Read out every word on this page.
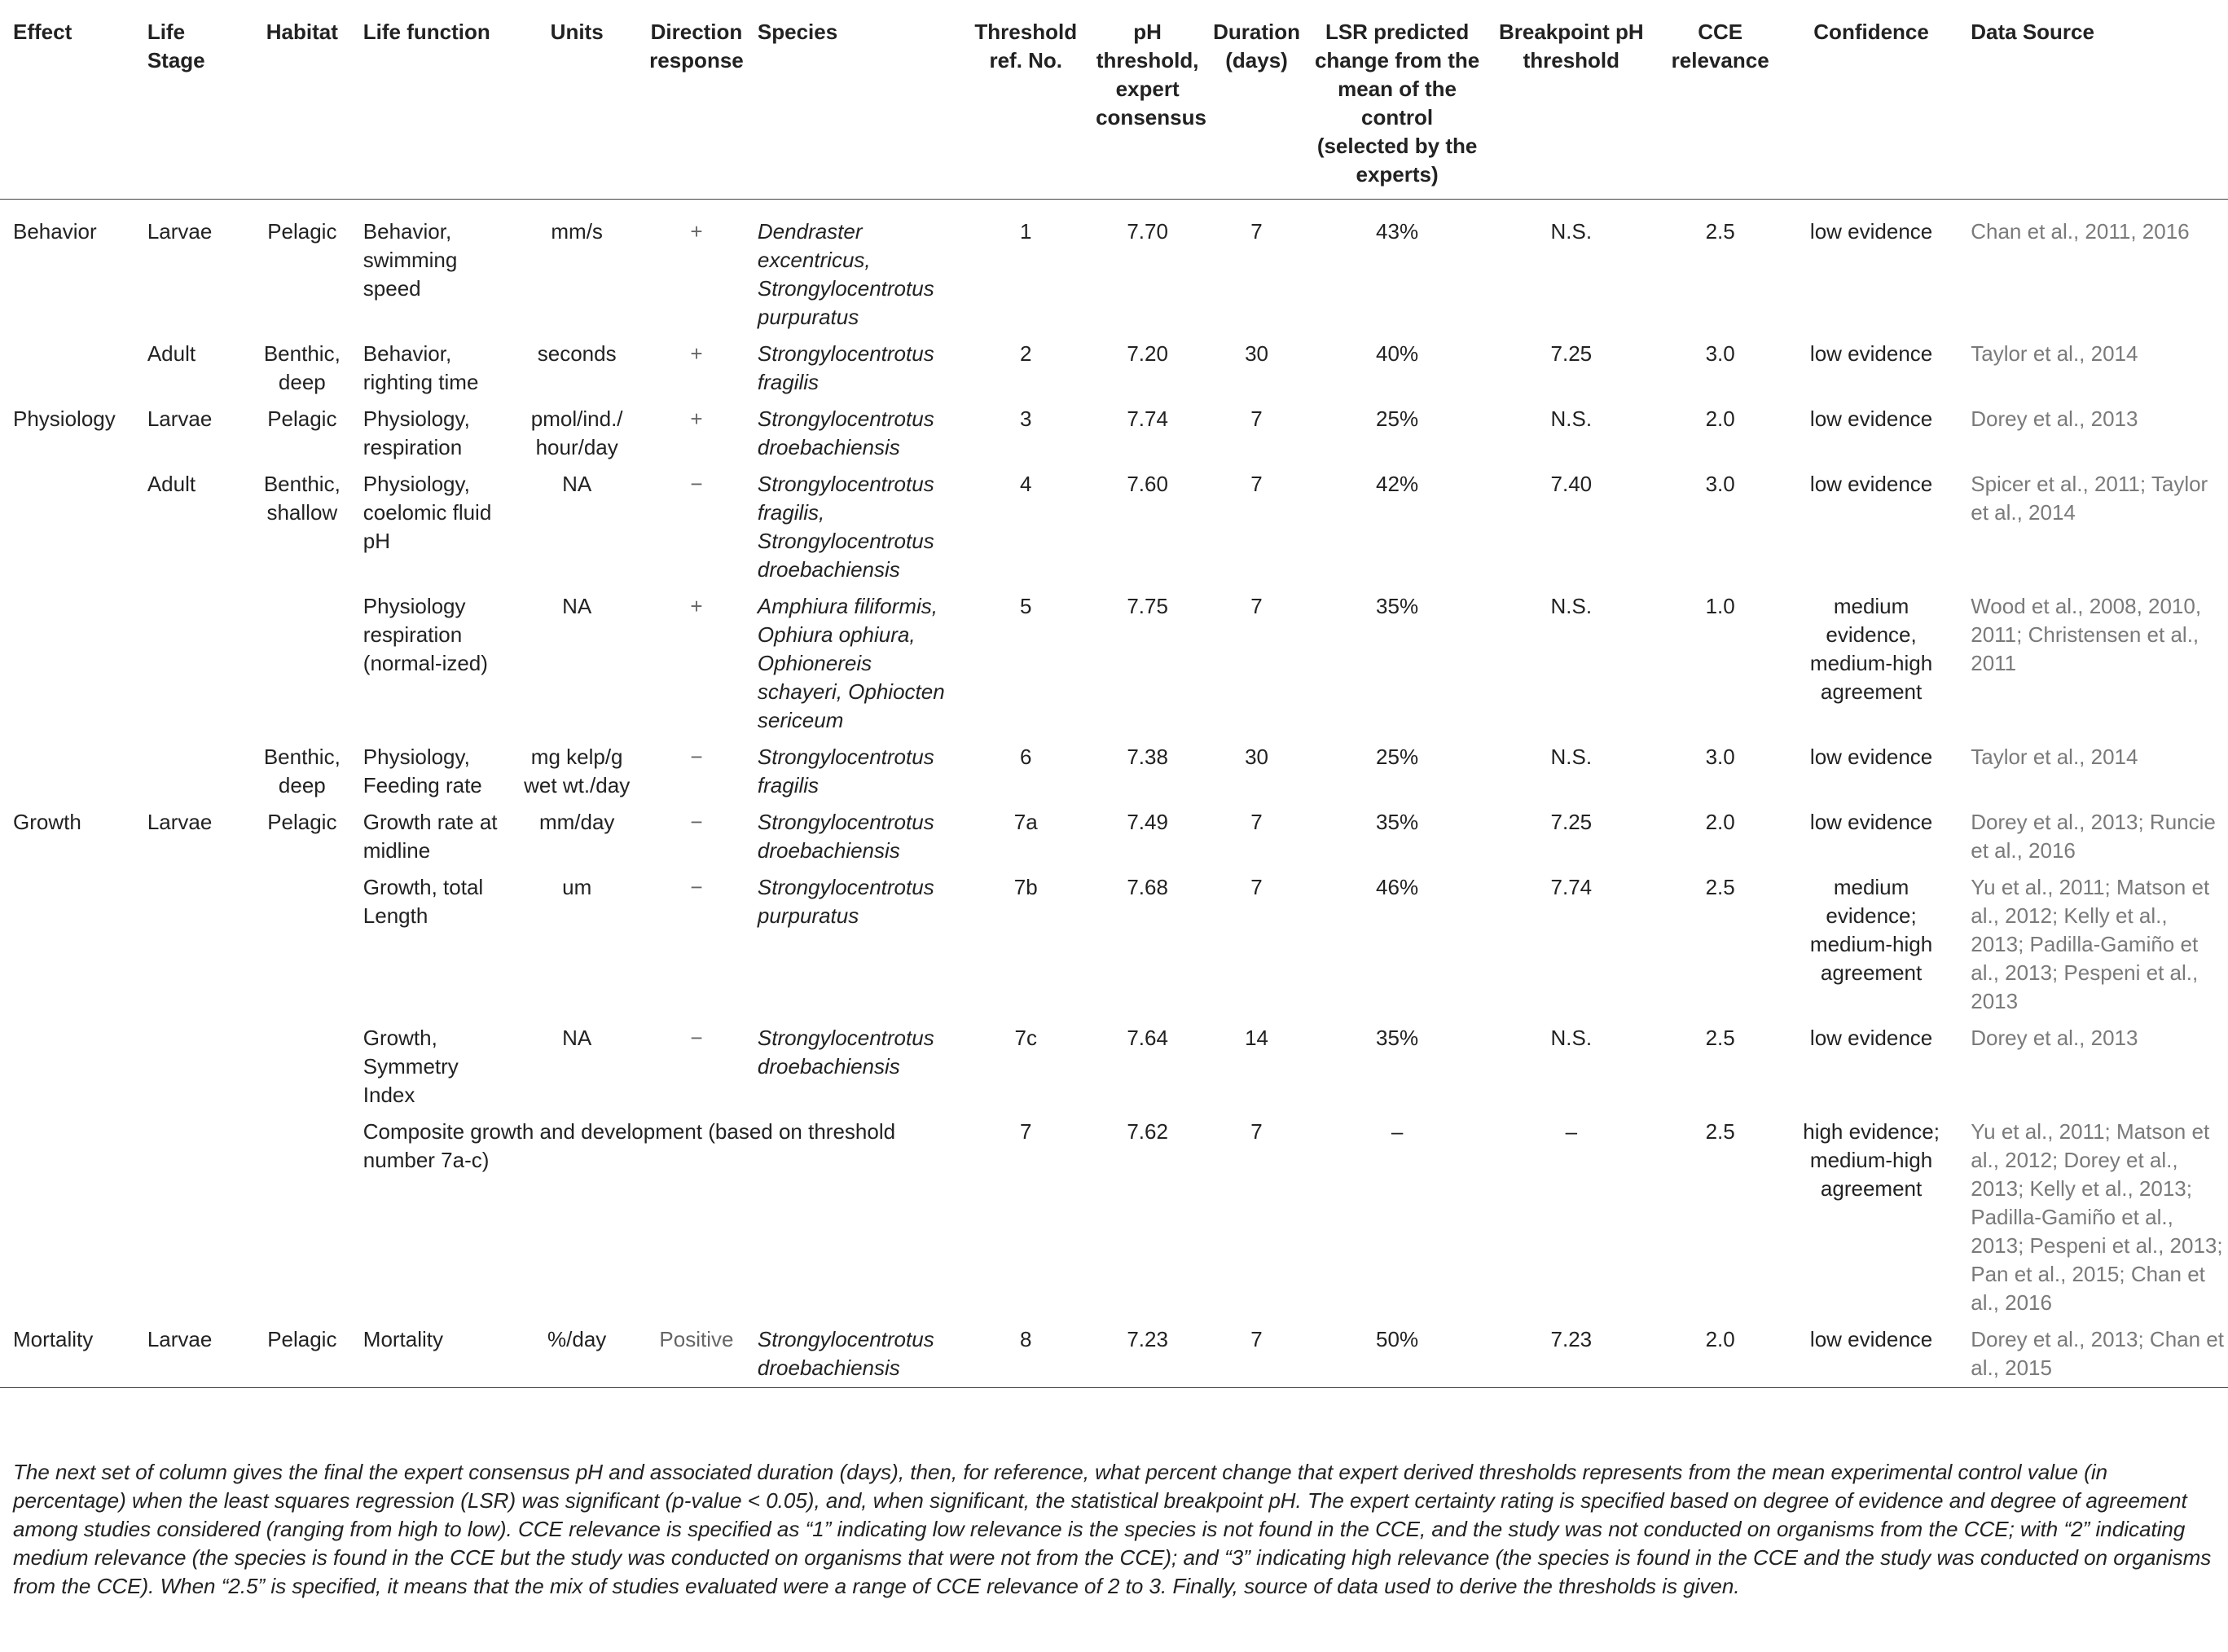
Effect	Life Stage	Habitat	Life function	Units	Direction response	Species	Threshold ref. No.	pH threshold, expert consensus	Duration (days)	LSR predicted change from the mean of the control (selected by the experts)	Breakpoint pH threshold	CCE relevance	Confidence	Data Source
Behavior	Larvae	Pelagic	Behavior, swimming speed	mm/s	+	Dendraster excentricus, Strongylocentrotus purpuratus	1	7.70	7	43%	N.S.	2.5	low evidence	Chan et al., 2011, 2016
	Adult	Benthic, deep	Behavior, righting time	seconds	+	Strongylocentrotus fragilis	2	7.20	30	40%	7.25	3.0	low evidence	Taylor et al., 2014
Physiology	Larvae	Pelagic	Physiology, respiration	pmol/ind./ hour/day	+	Strongylocentrotus droebachiensis	3	7.74	7	25%	N.S.	2.0	low evidence	Dorey et al., 2013
	Adult	Benthic, shallow	Physiology, coelomic fluid pH	NA	−	Strongylocentrotus fragilis, Strongylocentrotus droebachiensis	4	7.60	7	42%	7.40	3.0	low evidence	Spicer et al., 2011; Taylor et al., 2014
			Physiology respiration (normal-ized)	NA	+	Amphiura filiformis, Ophiura ophiura, Ophionereis schayeri, Ophiocten sericeum	5	7.75	7	35%	N.S.	1.0	medium evidence, medium-high agreement	Wood et al., 2008, 2010, 2011; Christensen et al., 2011
		Benthic, deep	Physiology, Feeding rate	mg kelp/g wet wt./day	−	Strongylocentrotus fragilis	6	7.38	30	25%	N.S.	3.0	low evidence	Taylor et al., 2014
Growth	Larvae	Pelagic	Growth rate at midline	mm/day	−	Strongylocentrotus droebachiensis	7a	7.49	7	35%	7.25	2.0	low evidence	Dorey et al., 2013; Runcie et al., 2016
			Growth, total Length	um	−	Strongylocentrotus purpuratus	7b	7.68	7	46%	7.74	2.5	medium evidence; medium-high agreement	Yu et al., 2011; Matson et al., 2012; Kelly et al., 2013; Padilla-Gamiño et al., 2013; Pespeni et al., 2013
			Growth, Symmetry Index	NA	−	Strongylocentrotus droebachiensis	7c	7.64	14	35%	N.S.	2.5	low evidence	Dorey et al., 2013
			Composite growth and development (based on threshold number 7a-c)				7	7.62	7	–	–	2.5	high evidence; medium-high agreement	Yu et al., 2011; Matson et al., 2012; Dorey et al., 2013; Kelly et al., 2013; Padilla-Gamiño et al., 2013; Pespeni et al., 2013; Pan et al., 2015; Chan et al., 2016
Mortality	Larvae	Pelagic	Mortality	%/day	Positive	Strongylocentrotus droebachiensis	8	7.23	7	50%	7.23	2.0	low evidence	Dorey et al., 2013; Chan et al., 2015

The next set of column gives the final the expert consensus pH and associated duration (days), then, for reference, what percent change that expert derived thresholds represents from the mean experimental control value (in percentage) when the least squares regression (LSR) was significant (p-value < 0.05), and, when significant, the statistical breakpoint pH. The expert certainty rating is specified based on degree of evidence and degree of agreement among studies considered (ranging from high to low). CCE relevance is specified as “1” indicating low relevance is the species is not found in the CCE, and the study was not conducted on organisms from the CCE; with “2” indicating medium relevance (the species is found in the CCE but the study was conducted on organisms that were not from the CCE); and “3” indicating high relevance (the species is found in the CCE and the study was conducted on organisms from the CCE). When “2.5” is specified, it means that the mix of studies evaluated were a range of CCE relevance of 2 to 3. Finally, source of data used to derive the thresholds is given.
